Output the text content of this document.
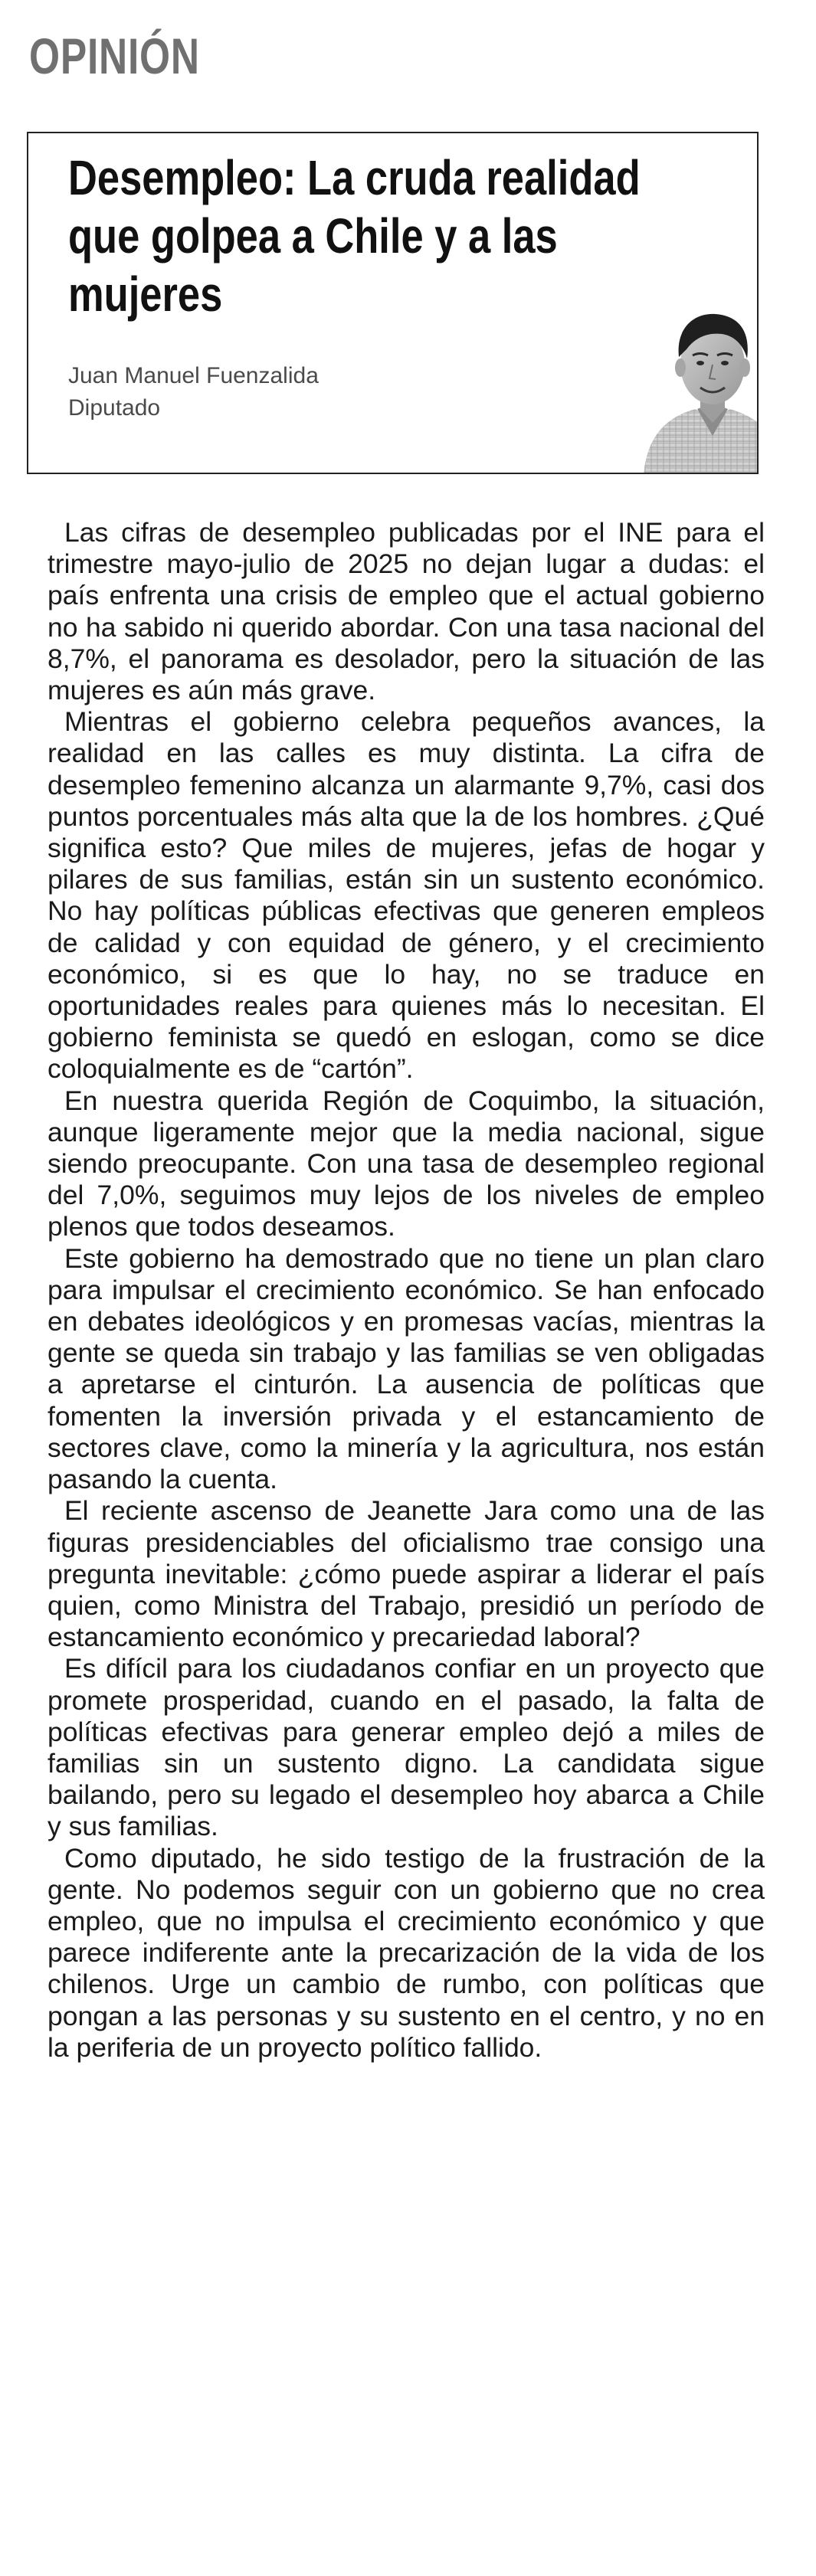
OPINIÓN
Desempleo: La cruda realidad que golpea a Chile y a las mujeres
Juan Manuel Fuenzalida
Diputado

Las cifras de desempleo publicadas por el INE para el trimestre mayo-julio de 2025 no dejan lugar a dudas: el país enfrenta una crisis de empleo que el actual gobierno no ha sabido ni querido abordar. Con una tasa nacional del 8,7%, el panorama es desolador, pero la situación de las mujeres es aún más grave.

Mientras el gobierno celebra pequeños avances, la realidad en las calles es muy distinta. La cifra de desempleo femenino alcanza un alarmante 9,7%, casi dos puntos porcentuales más alta que la de los hombres. ¿Qué significa esto? Que miles de mujeres, jefas de hogar y pilares de sus familias, están sin un sustento económico. No hay políticas públicas efectivas que generen empleos de calidad y con equidad de género, y el crecimiento económico, si es que lo hay, no se traduce en oportunidades reales para quienes más lo necesitan. El gobierno feminista se quedó en eslogan, como se dice coloquialmente es de “cartón”.

En nuestra querida Región de Coquimbo, la situación, aunque ligeramente mejor que la media nacional, sigue siendo preocupante. Con una tasa de desempleo regional del 7,0%, seguimos muy lejos de los niveles de empleo plenos que todos deseamos.

Este gobierno ha demostrado que no tiene un plan claro para impulsar el crecimiento económico. Se han enfocado en debates ideológicos y en promesas vacías, mientras la gente se queda sin trabajo y las familias se ven obligadas a apretarse el cinturón. La ausencia de políticas que fomenten la inversión privada y el estancamiento de sectores clave, como la minería y la agricultura, nos están pasando la cuenta.

El reciente ascenso de Jeanette Jara como una de las figuras presidenciables del oficialismo trae consigo una pregunta inevitable: ¿cómo puede aspirar a liderar el país quien, como Ministra del Trabajo, presidió un período de estancamiento económico y precariedad laboral?

Es difícil para los ciudadanos confiar en un proyecto que promete prosperidad, cuando en el pasado, la falta de políticas efectivas para generar empleo dejó a miles de familias sin un sustento digno. La candidata sigue bailando, pero su legado el desempleo hoy abarca a Chile y sus familias.

Como diputado, he sido testigo de la frustración de la gente. No podemos seguir con un gobierno que no crea empleo, que no impulsa el crecimiento económico y que parece indiferente ante la precarización de la vida de los chilenos. Urge un cambio de rumbo, con políticas que pongan a las personas y su sustento en el centro, y no en la periferia de un proyecto político fallido.
